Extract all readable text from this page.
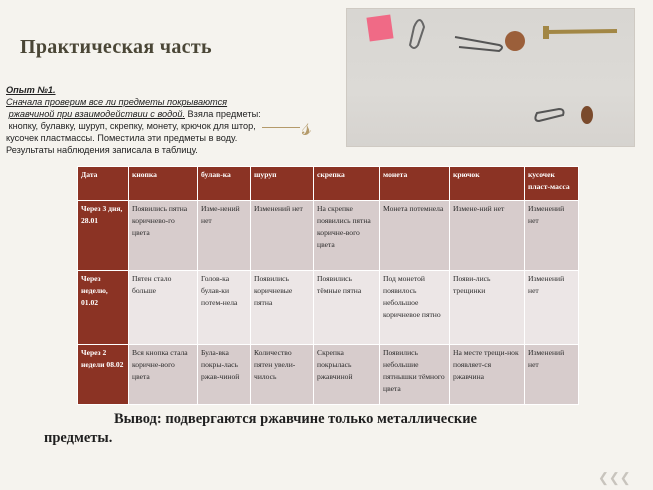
Практическая часть
𝓈
Опыт №1.
Сначала проверим все ли предметы покрываются
ржавчиной при взаимодействии с водой. Взяла предметы:
кнопку, булавку, шуруп, скрепку, монету, крючок для штор,
кусочек пластмассы. Поместила эти предметы в воду.
Результаты наблюдения записала в таблицу.
Дата	кнопка	булав-ка	шуруп	скрепка	монета	крючок	кусочек пласт-масса
Через 3 дня, 28.01	Появились пятна коричнево-го цвета	Изме-нений нет	Изменений нет	На скрепке появились пятна коричне-вого цвета	Монета потемнела	Измене-ний нет	Изменений нет
Через неделю, 01.02	Пятен стало больше	Голов-ка булав-ки потем-нела	Появились коричневые пятна	Появились тёмные пятна	Под монетой появилось небольшое коричневое пятно	Появи-лись трещинки	Изменений нет
Через 2 недели 08.02	Вся кнопка стала коричне-вого цвета	Була-вка покры-лась ржав-чиной	Количество пятен увели-чилось	Скрепка покрылась ржавчиной	Появились небольшие пятнышки тёмного цвета	На месте трещи-нок появляет-ся ржавчина	Изменений нет
Вывод: подвергаются ржавчине только металлические
предметы.
❮❮❮
